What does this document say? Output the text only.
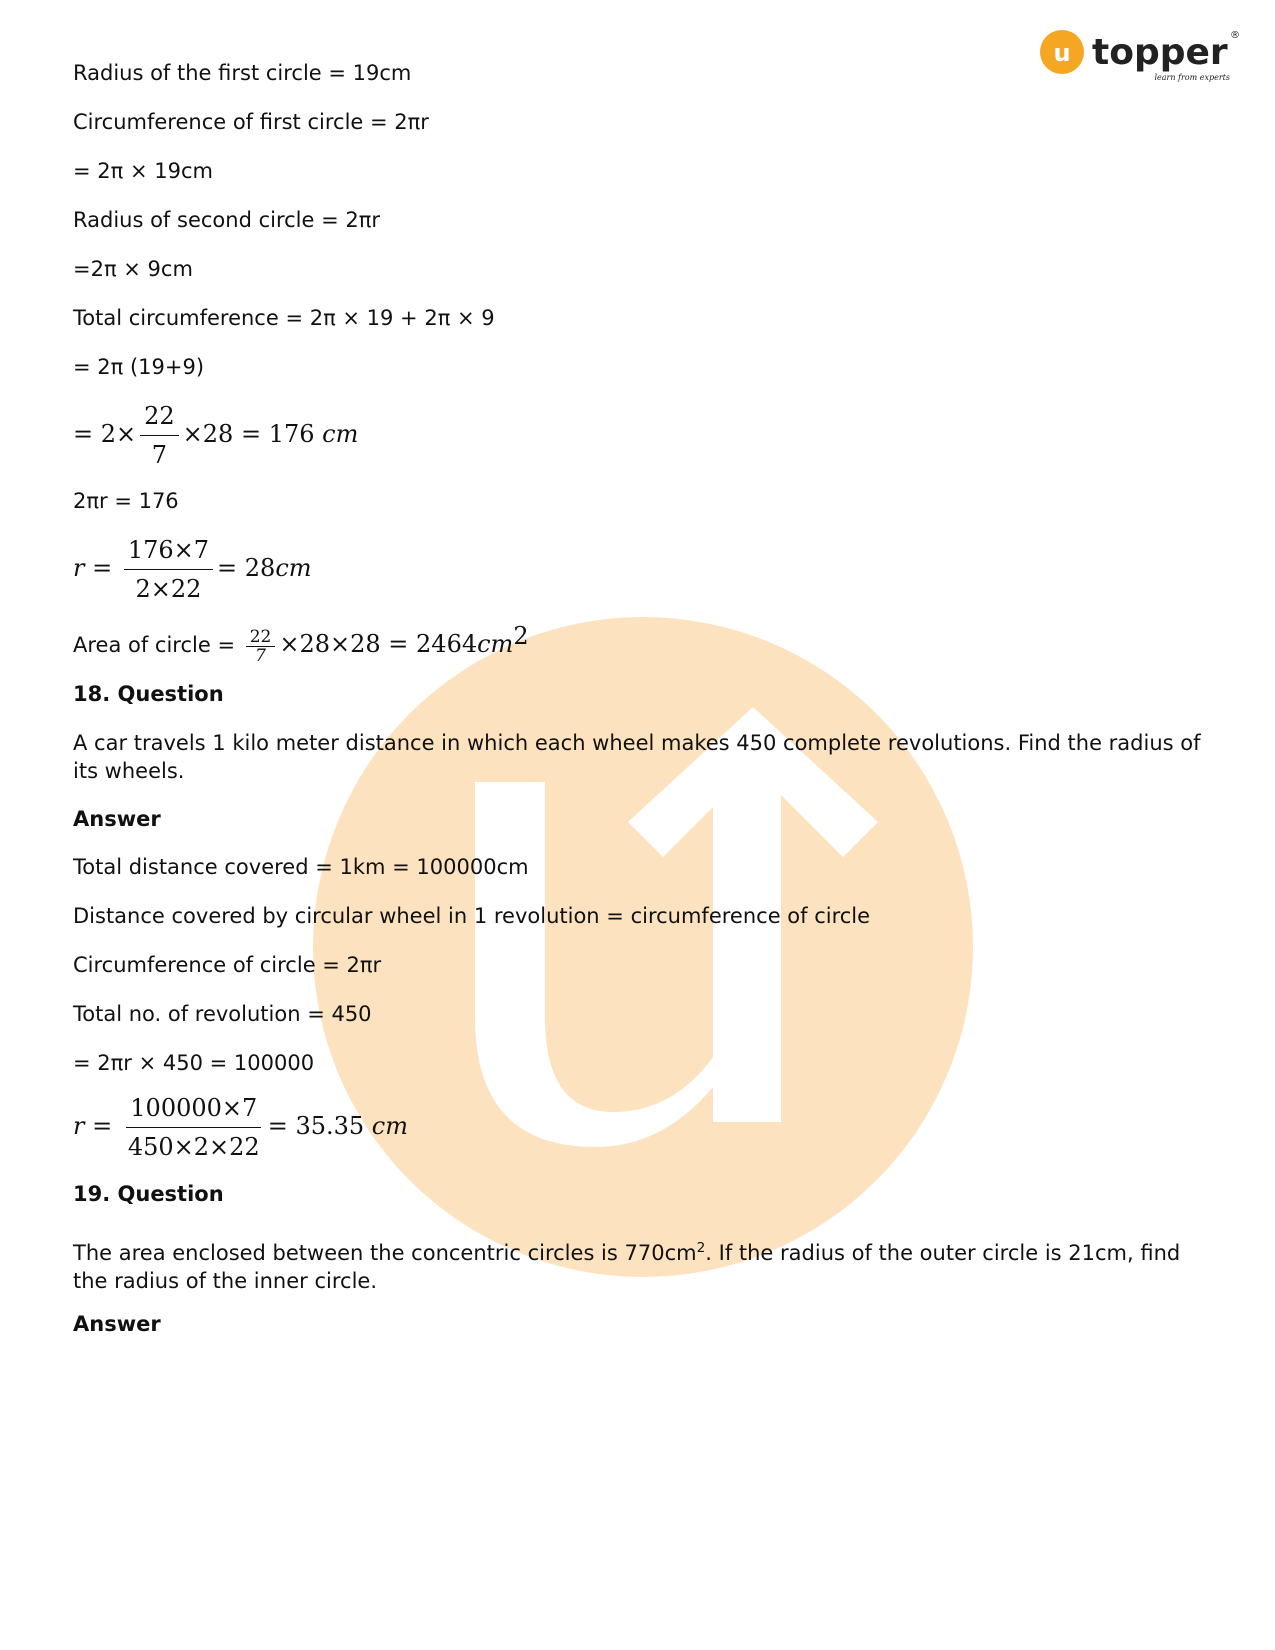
u topper ®
learn from experts
Radius of the first circle = 19cm
Circumference of first circle = 2πr
= 2π × 19cm
Radius of second circle = 2πr
=2π × 9cm
Total circumference = 2π × 19 + 2π × 9
= 2π (19+9)
= $2\times \frac{22}{7} \times 28 = 176$ cm
2πr = 176
$r = \frac{176\times 7}{2\times 22} = 28cm$
Area of circle = $\frac{22}{7} \times 28\times 28 = 2464cm^2$
18. Question
A car travels 1 kilo meter distance in which each wheel makes 450 complete revolutions. Find the radius of its wheels.
Answer
Total distance covered = 1km = 100000cm
Distance covered by circular wheel in 1 revolution = circumference of circle
Circumference of circle = 2πr
Total no. of revolution = 450
= 2πr × 450 = 100000
$r = \frac{100000\times 7}{450\times 2\times 22} = 35.35$ cm
19. Question
The area enclosed between the concentric circles is $770cm^2$. If the radius of the outer circle is 21cm, find the radius of the inner circle.
Answer
